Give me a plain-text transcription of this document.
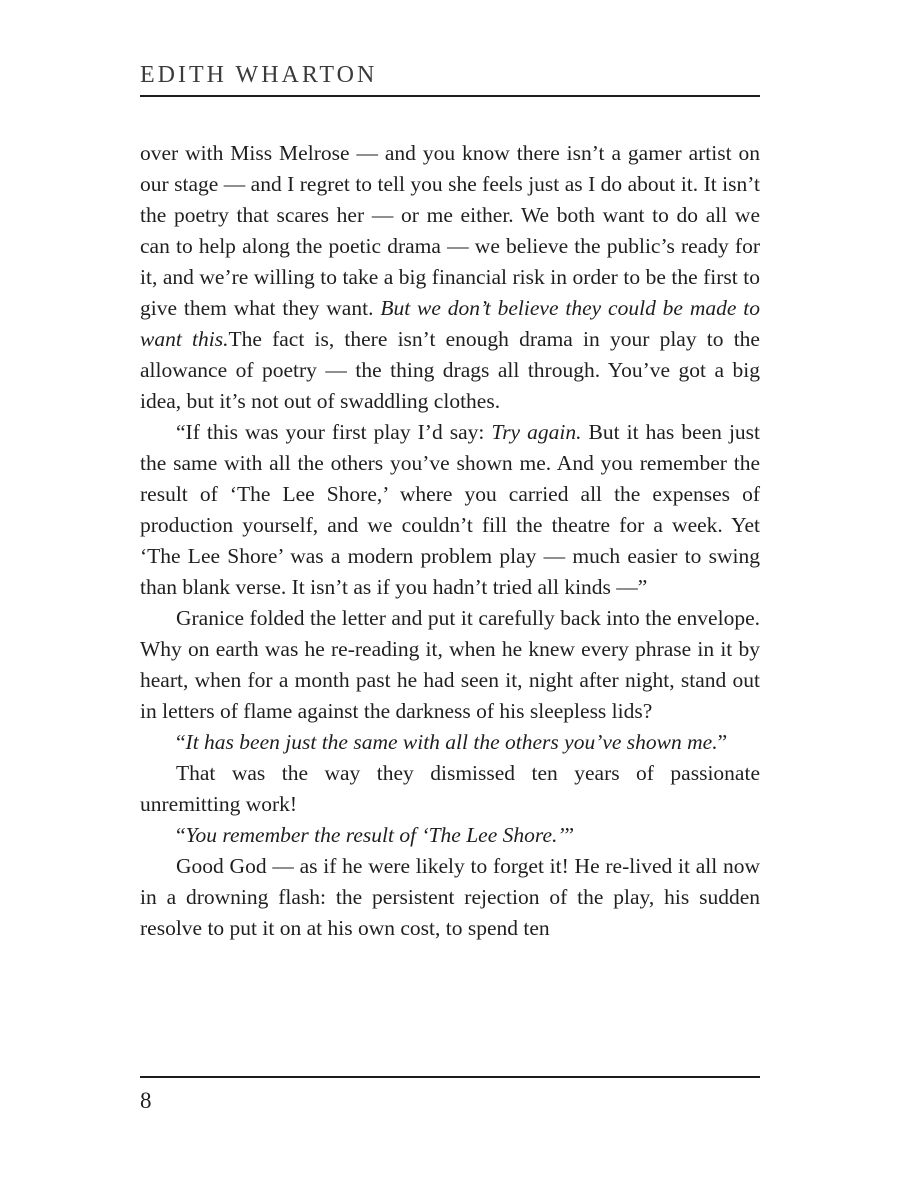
EDITH WHARTON

over with Miss Melrose — and you know there isn’t a gamer artist on our stage — and I regret to tell you she feels just as I do about it. It isn’t the poetry that scares her — or me either. We both want to do all we can to help along the poetic drama — we believe the public’s ready for it, and we’re willing to take a big financial risk in order to be the first to give them what they want. But we don’t believe they could be made to want this.The fact is, there isn’t enough drama in your play to the allowance of poetry — the thing drags all through. You’ve got a big idea, but it’s not out of swaddling clothes.

“If this was your first play I’d say: Try again. But it has been just the same with all the others you’ve shown me. And you remember the result of ‘The Lee Shore,’ where you carried all the expenses of production yourself, and we couldn’t fill the theatre for a week. Yet ‘The Lee Shore’ was a modern problem play — much easier to swing than blank verse. It isn’t as if you hadn’t tried all kinds —”

Granice folded the letter and put it carefully back into the envelope. Why on earth was he re-reading it, when he knew every phrase in it by heart, when for a month past he had seen it, night after night, stand out in letters of flame against the darkness of his sleepless lids?

“It has been just the same with all the others you’ve shown me.”

That was the way they dismissed ten years of passionate unremitting work!

“You remember the result of ‘The Lee Shore.’”

Good God — as if he were likely to forget it! He re-lived it all now in a drowning flash: the persistent rejection of the play, his sudden resolve to put it on at his own cost, to spend ten

8
